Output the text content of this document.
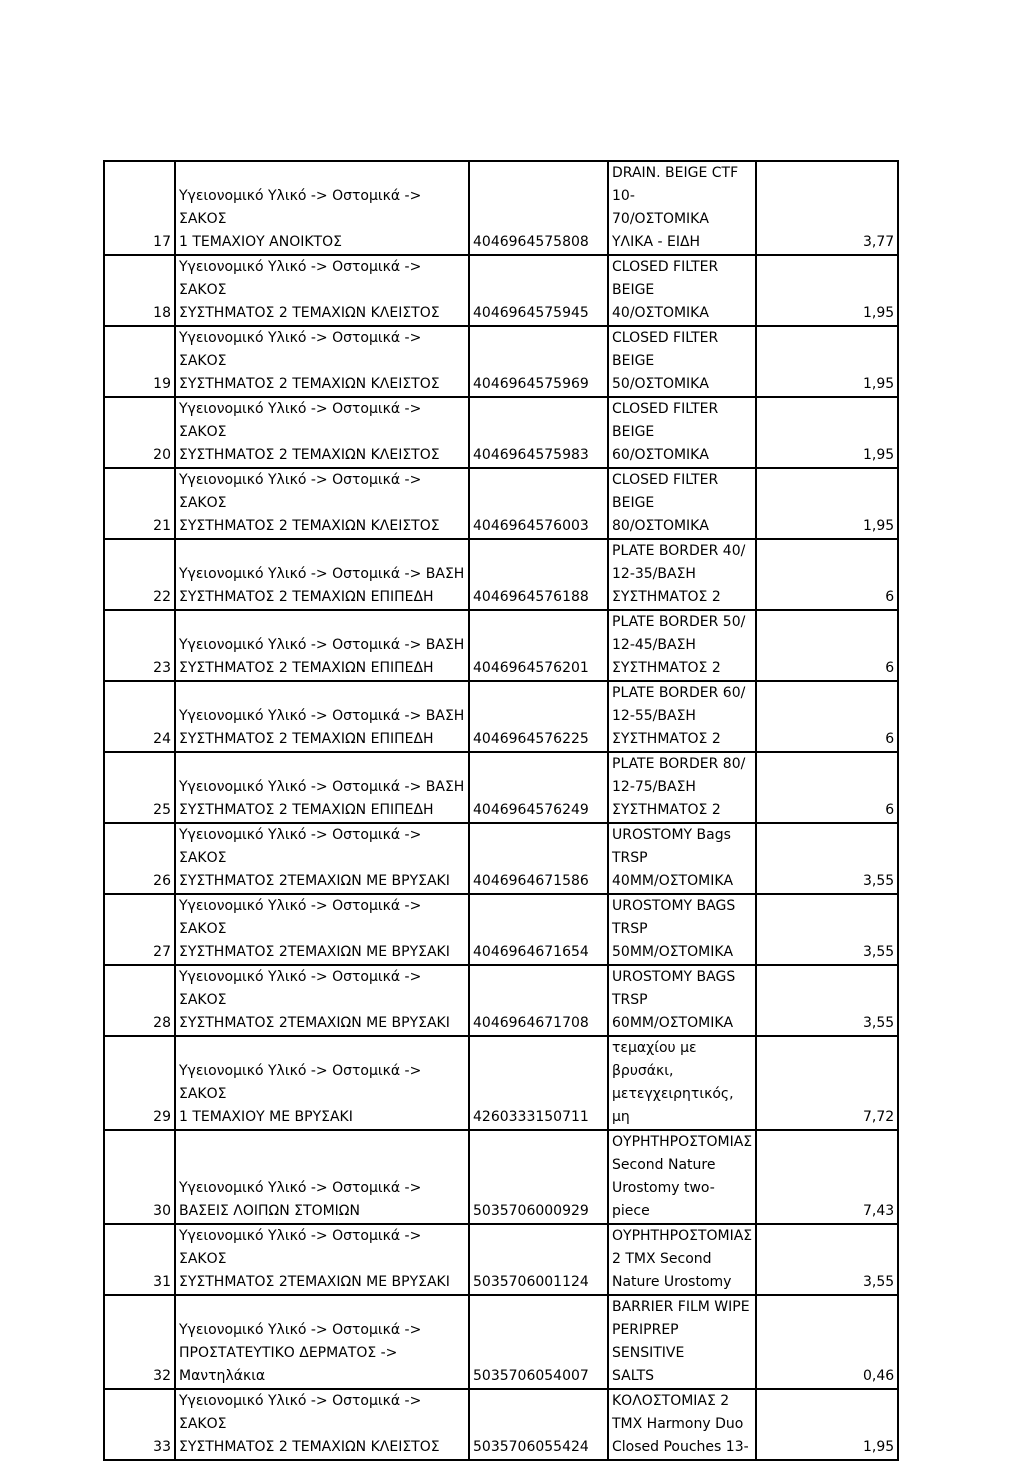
17	Υγειονομικό Υλικό -> Οστομικά -> ΣΑΚΟΣ
1 ΤΕΜΑΧΙΟΥ ΑΝΟΙΚΤΟΣ	4046964575808	DRAIN. BEIGE CTF 10-
70/ΟΣΤΟΜΙΚΑ
ΥΛΙΚΑ - ΕΙΔΗ	3,77
18	Υγειονομικό Υλικό -> Οστομικά -> ΣΑΚΟΣ
ΣΥΣΤΗΜΑΤΟΣ 2 ΤΕΜΑΧΙΩΝ ΚΛΕΙΣΤΟΣ	4046964575945	CLOSED FILTER
BEIGE
40/ΟΣΤΟΜΙΚΑ	1,95
19	Υγειονομικό Υλικό -> Οστομικά -> ΣΑΚΟΣ
ΣΥΣΤΗΜΑΤΟΣ 2 ΤΕΜΑΧΙΩΝ ΚΛΕΙΣΤΟΣ	4046964575969	CLOSED FILTER
BEIGE
50/ΟΣΤΟΜΙΚΑ	1,95
20	Υγειονομικό Υλικό -> Οστομικά -> ΣΑΚΟΣ
ΣΥΣΤΗΜΑΤΟΣ 2 ΤΕΜΑΧΙΩΝ ΚΛΕΙΣΤΟΣ	4046964575983	CLOSED FILTER
BEIGE
60/ΟΣΤΟΜΙΚΑ	1,95
21	Υγειονομικό Υλικό -> Οστομικά -> ΣΑΚΟΣ
ΣΥΣΤΗΜΑΤΟΣ 2 ΤΕΜΑΧΙΩΝ ΚΛΕΙΣΤΟΣ	4046964576003	CLOSED FILTER
BEIGE
80/ΟΣΤΟΜΙΚΑ	1,95
22	Υγειονομικό Υλικό -> Οστομικά -> ΒΑΣΗ
ΣΥΣΤΗΜΑΤΟΣ 2 ΤΕΜΑΧΙΩΝ ΕΠΙΠΕΔΗ	4046964576188	PLATE BORDER 40/
12-35/ΒΑΣΗ
ΣΥΣΤΗΜΑΤΟΣ 2	6
23	Υγειονομικό Υλικό -> Οστομικά -> ΒΑΣΗ
ΣΥΣΤΗΜΑΤΟΣ 2 ΤΕΜΑΧΙΩΝ ΕΠΙΠΕΔΗ	4046964576201	PLATE BORDER 50/
12-45/ΒΑΣΗ
ΣΥΣΤΗΜΑΤΟΣ 2	6
24	Υγειονομικό Υλικό -> Οστομικά -> ΒΑΣΗ
ΣΥΣΤΗΜΑΤΟΣ 2 ΤΕΜΑΧΙΩΝ ΕΠΙΠΕΔΗ	4046964576225	PLATE BORDER 60/
12-55/ΒΑΣΗ
ΣΥΣΤΗΜΑΤΟΣ 2	6
25	Υγειονομικό Υλικό -> Οστομικά -> ΒΑΣΗ
ΣΥΣΤΗΜΑΤΟΣ 2 ΤΕΜΑΧΙΩΝ ΕΠΙΠΕΔΗ	4046964576249	PLATE BORDER 80/
12-75/ΒΑΣΗ
ΣΥΣΤΗΜΑΤΟΣ 2	6
26	Υγειονομικό Υλικό -> Οστομικά -> ΣΑΚΟΣ
ΣΥΣΤΗΜΑΤΟΣ 2ΤΕΜΑΧΙΩΝ ΜΕ ΒΡΥΣΑΚΙ	4046964671586	UROSTOMY Bags
TRSP
40MM/ΟΣΤΟΜΙΚΑ	3,55
27	Υγειονομικό Υλικό -> Οστομικά -> ΣΑΚΟΣ
ΣΥΣΤΗΜΑΤΟΣ 2ΤΕΜΑΧΙΩΝ ΜΕ ΒΡΥΣΑΚΙ	4046964671654	UROSTOMY BAGS
TRSP
50MM/ΟΣΤΟΜΙΚΑ	3,55
28	Υγειονομικό Υλικό -> Οστομικά -> ΣΑΚΟΣ
ΣΥΣΤΗΜΑΤΟΣ 2ΤΕΜΑΧΙΩΝ ΜΕ ΒΡΥΣΑΚΙ	4046964671708	UROSTOMY BAGS
TRSP
60MM/ΟΣΤΟΜΙΚΑ	3,55
29	Υγειονομικό Υλικό -> Οστομικά -> ΣΑΚΟΣ
1 ΤΕΜΑΧΙΟΥ ΜΕ ΒΡΥΣΑΚΙ	4260333150711	τεμαχίου με
βρυσάκι,
μετεγχειρητικός, μη	7,72
30	Υγειονομικό Υλικό -> Οστομικά ->
ΒΑΣΕΙΣ ΛΟΙΠΩΝ ΣΤΟΜΙΩΝ	5035706000929	ΟΥΡΗΤΗΡΟΣΤΟΜΙΑΣ
Second Nature
Urostomy two-piece	7,43
31	Υγειονομικό Υλικό -> Οστομικά -> ΣΑΚΟΣ
ΣΥΣΤΗΜΑΤΟΣ 2ΤΕΜΑΧΙΩΝ ΜΕ ΒΡΥΣΑΚΙ	5035706001124	ΟΥΡΗΤΗΡΟΣΤΟΜΙΑΣ
2 TMX Second
Nature Urostomy	3,55
32	Υγειονομικό Υλικό -> Οστομικά ->
ΠΡΟΣΤΑΤΕΥΤΙΚΟ ΔΕΡΜΑΤΟΣ ->
Μαντηλάκια	5035706054007	BARRIER FILM WIPE
PERIPREP SENSITIVE
SALTS	0,46
33	Υγειονομικό Υλικό -> Οστομικά -> ΣΑΚΟΣ
ΣΥΣΤΗΜΑΤΟΣ 2 ΤΕΜΑΧΙΩΝ ΚΛΕΙΣΤΟΣ	5035706055424	ΚΟΛΟΣΤΟΜΙΑΣ 2
TMX Harmony Duo
Closed Pouches 13-	1,95
